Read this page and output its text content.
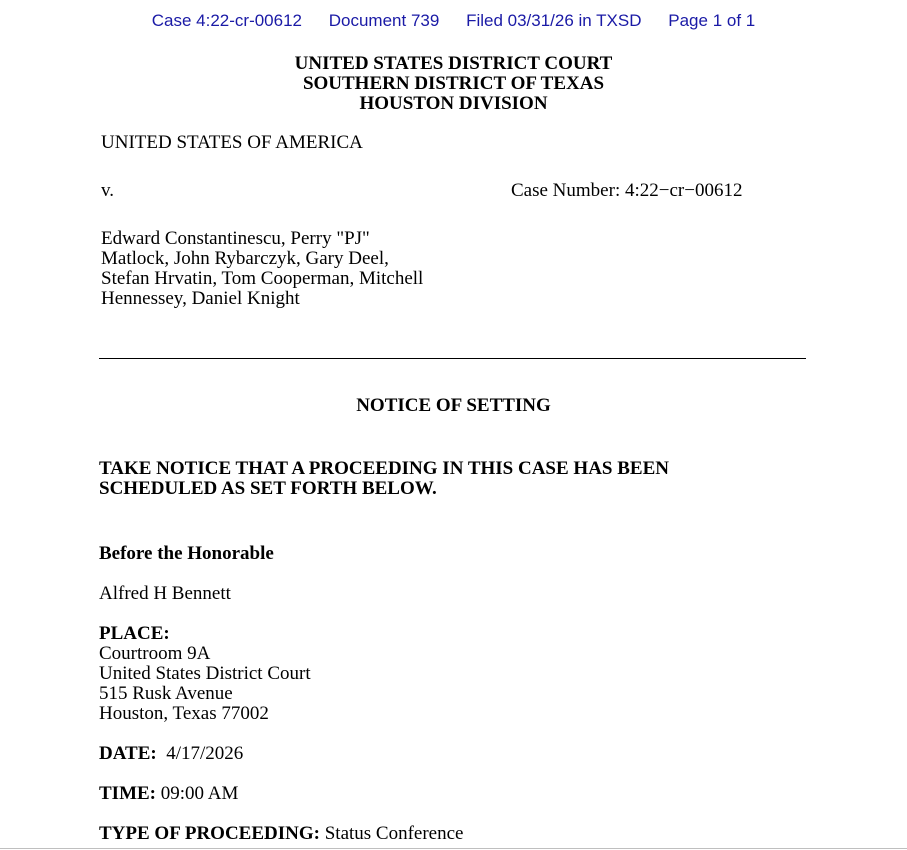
Case 4:22-cr-00612 Document 739 Filed 03/31/26 in TXSD Page 1 of 1
UNITED STATES DISTRICT COURT
SOUTHERN DISTRICT OF TEXAS
HOUSTON DIVISION
UNITED STATES OF AMERICA
v.	Case Number: 4:22−cr−00612
Edward Constantinescu, Perry "PJ"
Matlock, John Rybarczyk, Gary Deel,
Stefan Hrvatin, Tom Cooperman, Mitchell
Hennessey, Daniel Knight
NOTICE OF SETTING
TAKE NOTICE THAT A PROCEEDING IN THIS CASE HAS BEEN
SCHEDULED AS SET FORTH BELOW.
Before the Honorable
Alfred H Bennett
PLACE:
Courtroom 9A
United States District Court
515 Rusk Avenue
Houston, Texas 77002
DATE: 4/17/2026
TIME: 09:00 AM
TYPE OF PROCEEDING: Status Conference
